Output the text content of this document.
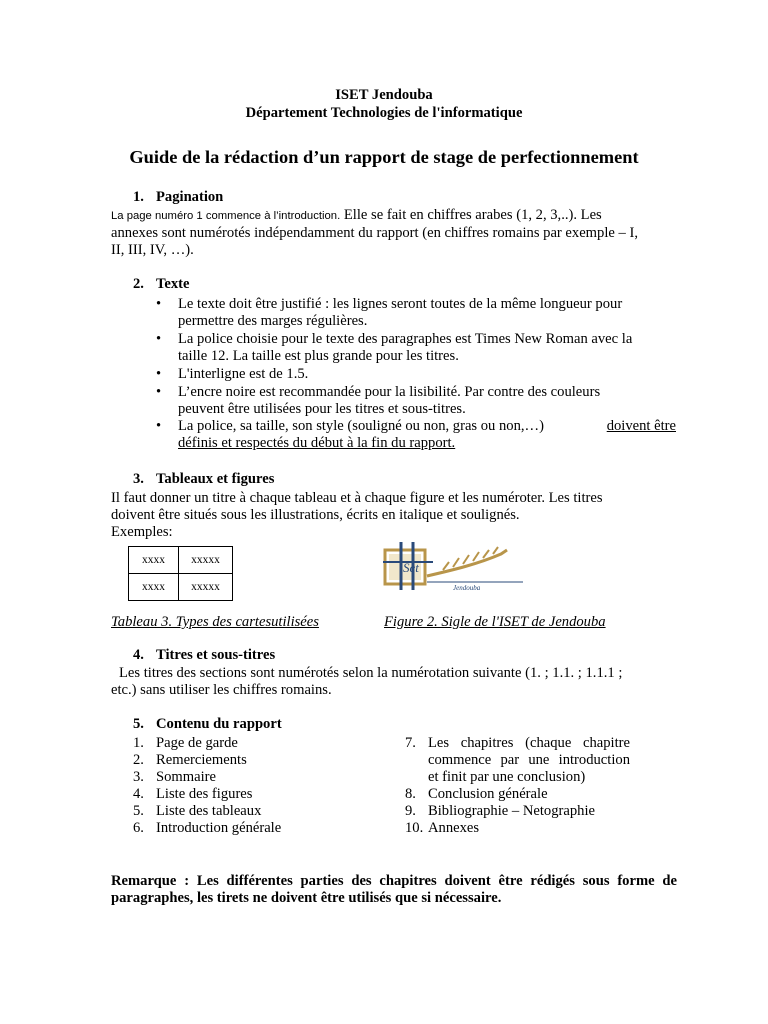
ISET Jendouba
Département Technologies de l'informatique
Guide de la rédaction d’un rapport de stage de perfectionnement
1. Pagination
La page numéro 1 commence à l’introduction. Elle se fait en chiffres arabes (1, 2, 3,..). Les
annexes sont numérotés indépendamment du rapport (en chiffres romains par exemple – I,
II, III, IV, …).
2. Texte
• Le texte doit être justifié : les lignes seront toutes de la même longueur pour
permettre des marges régulières.
• La police choisie pour le texte des paragraphes est Times New Roman avec la
taille 12. La taille est plus grande pour les titres.
• L'interligne est de 1.5.
• L’encre noire est recommandée pour la lisibilité. Par contre des couleurs
peuvent être utilisées pour les titres et sous-titres.
• La police, sa taille, son style (souligné ou non, gras ou non,…)	doivent être
définis et respectés du début à la fin du rapport.
3. Tableaux et figures
Il faut donner un titre à chaque tableau et à chaque figure et les numéroter. Les titres
doivent être situés sous les illustrations, écrits en italique et soulignés.
Exemples:
xxxx	xxxxx
xxxx	xxxxx
Set
Jendouba
Tableau 3. Types des cartesutilisées	Figure 2. Sigle de l'ISET de Jendouba
4. Titres et sous-titres
Les titres des sections sont numérotés selon la numérotation suivante (1. ; 1.1. ; 1.1.1 ;
etc.) sans utiliser les chiffres romains.
5. Contenu du rapport
1. Page de garde
2. Remerciements
3. Sommaire
4. Liste des figures
5. Liste des tableaux
6. Introduction générale
7. Les chapitres (chaque chapitre
commence par une introduction
et finit par une conclusion)
8. Conclusion générale
9. Bibliographie – Netographie
10. Annexes
Remarque : Les différentes parties des chapitres doivent être rédigés sous forme de
paragraphes, les tirets ne doivent être utilisés que si nécessaire.
